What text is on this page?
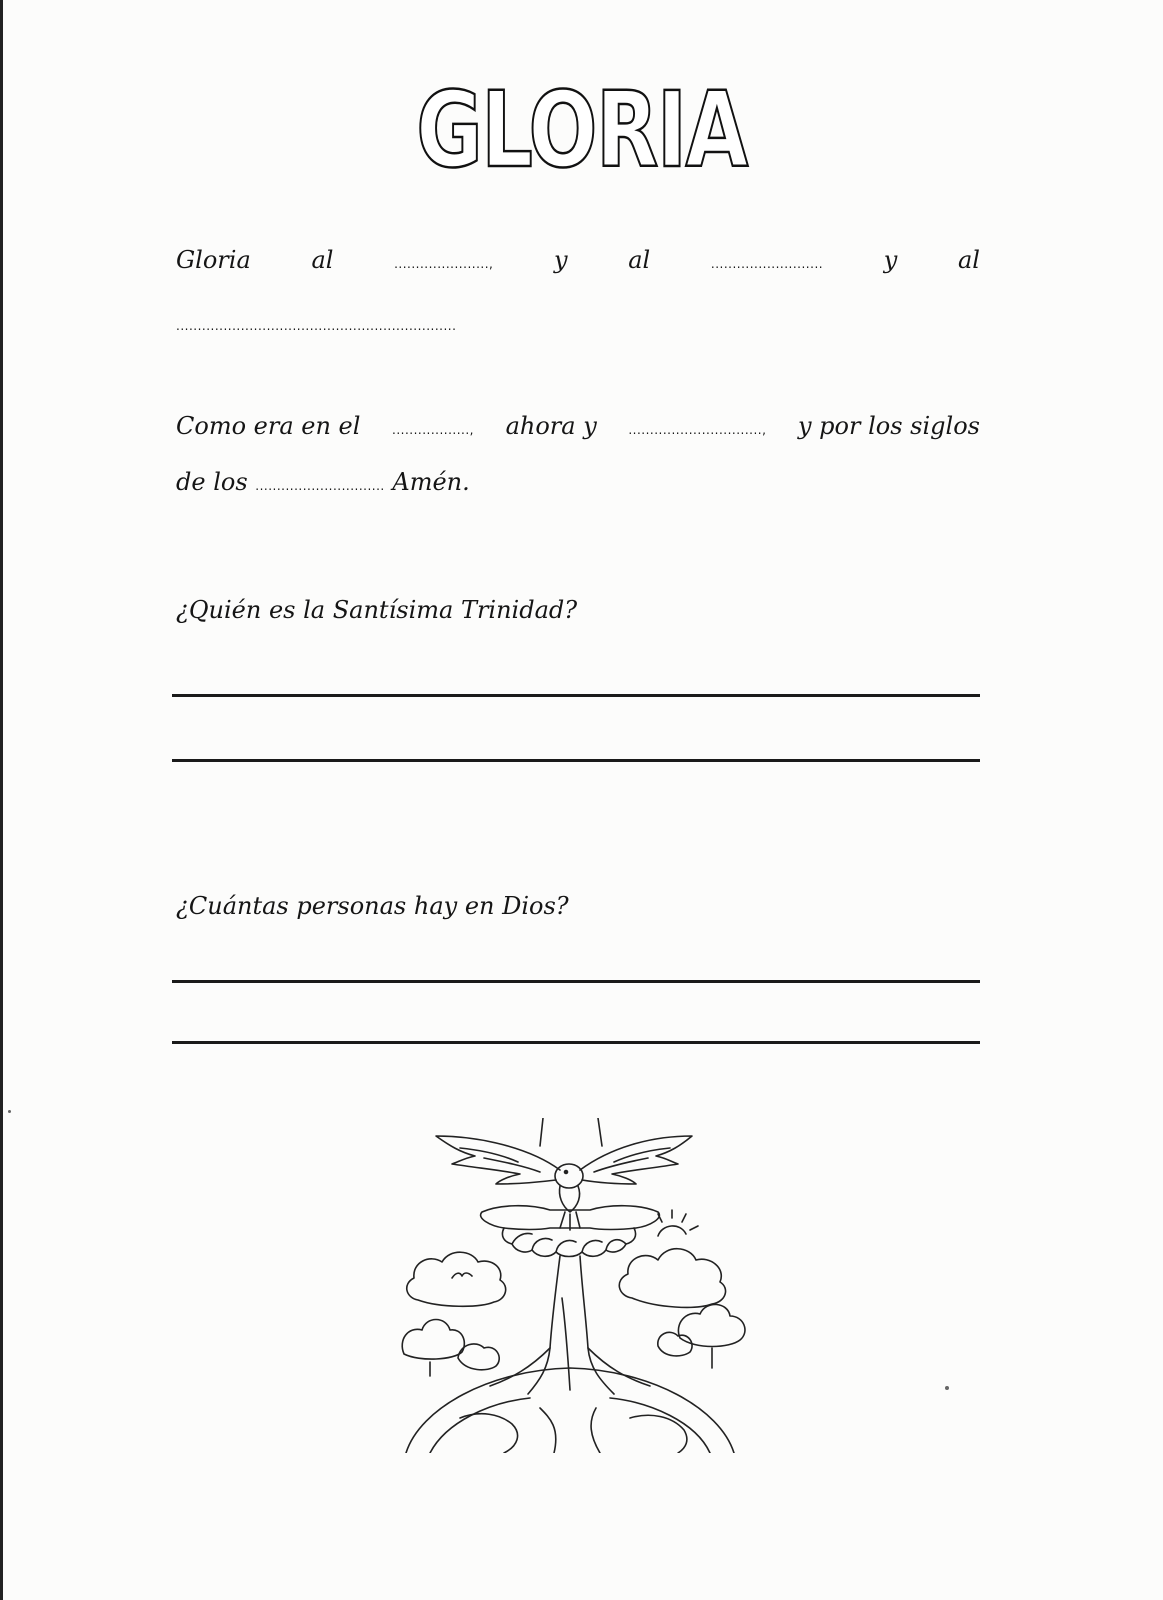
GLORIA
Gloria	al	......................,	y	al	..........................	y	al
.................................................................
Como era en el	.................., ahora y	..............................., y por los siglos
de los .............................. Amén.
¿Quién es la Santísima Trinidad?
¿Cuántas personas hay en Dios?
